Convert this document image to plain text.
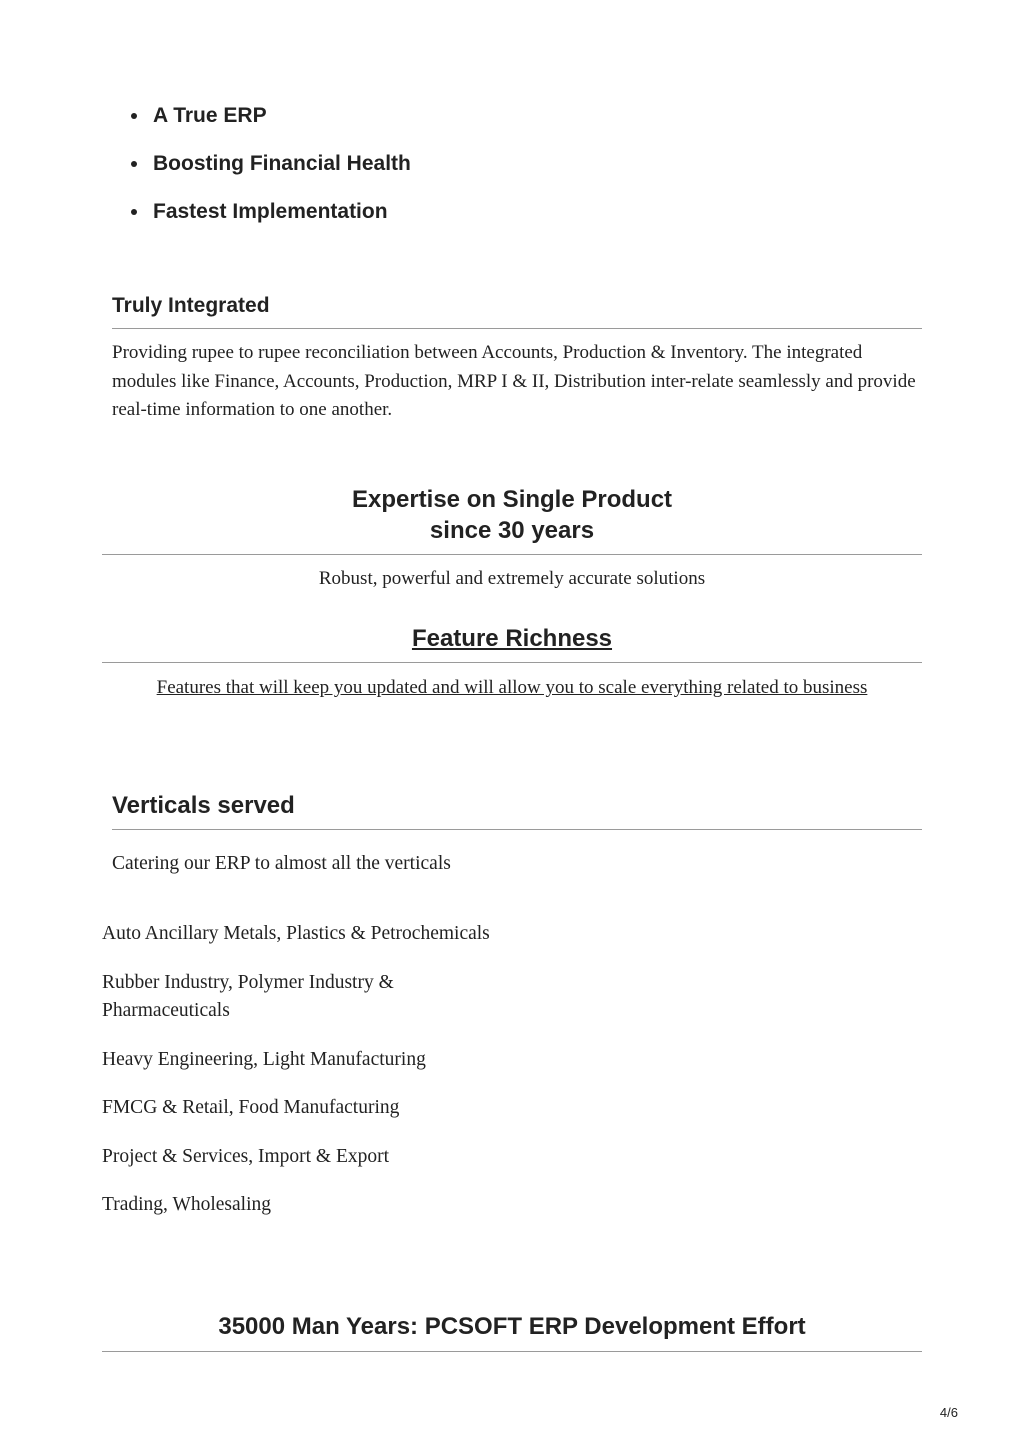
A True ERP
Boosting Financial Health
Fastest Implementation
Truly Integrated

Providing rupee to rupee reconciliation between Accounts, Production & Inventory. The integrated modules like Finance, Accounts, Production, MRP I & II, Distribution inter-relate seamlessly and provide real-time information to one another.

Expertise on Single Product
since 30 years

Robust, powerful and extremely accurate solutions

Feature Richness

Features that will keep you updated and will allow you to scale everything related to business

Verticals served

Catering our ERP to almost all the verticals

Auto Ancillary Metals, Plastics & Petrochemicals
Rubber Industry, Polymer Industry & Pharmaceuticals
Heavy Engineering, Light Manufacturing
FMCG & Retail, Food Manufacturing
Project & Services, Import & Export
Trading, Wholesaling
35000 Man Years: PCSOFT ERP Development Effort
4/6
